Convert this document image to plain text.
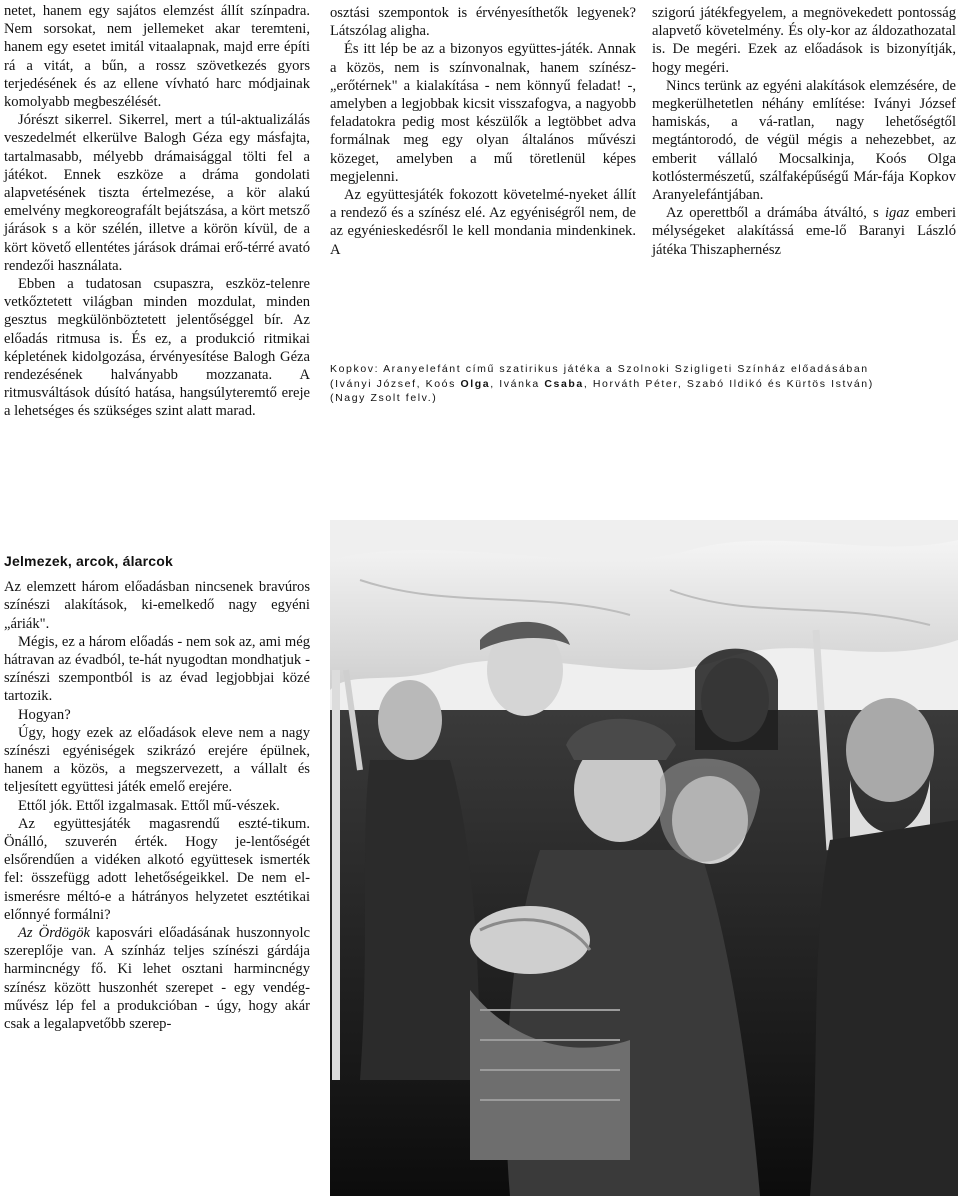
netet, hanem egy sajátos elemzést állít színpadra. Nem sorsokat, nem jellemeket akar teremteni, hanem egy esetet imitál vitaalapnak, majd erre építi rá a vitát, a bűn, a rossz szövetkezés gyors terjedésének és az ellene vívható harc módjainak komolyabb megbeszélését.

Jórészt sikerrel. Sikerrel, mert a túl-aktualizálás veszedelmét elkerülve Balogh Géza egy másfajta, tartalmasabb, mélyebb drámaisággal tölti fel a játékot. Ennek eszköze a dráma gondolati alapvetésének tiszta értelmezése, a kör alakú emelvény megkoreografált bejátszása, a kört metsző járások s a kör szélén, illetve a körön kívül, de a kört követő ellentétes járások drámai erő-térré avató rendezői használata.

Ebben a tudatosan csupaszra, eszköz-telenre vetkőztetett világban minden mozdulat, minden gesztus megkülönböztetett jelentőséggel bír. Az előadás ritmusa is. És ez, a produkció ritmikai képletének kidolgozása, érvényesítése Balogh Géza rendezésének halványabb mozzanata. A ritmusváltások dúsító hatása, hangsúlyteremtő ereje a lehetséges és szükséges szint alatt marad.

Jelmezek, arcok, álarcok

Az elemzett három előadásban nincsenek bravúros színészi alakítások, ki-emelkedő nagy egyéni „áriák".

Mégis, ez a három előadás - nem sok az, ami még hátravan az évadból, te-hát nyugodtan mondhatjuk - színészi szempontból is az évad legjobbjai közé tartozik.

Hogyan?

Úgy, hogy ezek az előadások eleve nem a nagy színészi egyéniségek szikrázó erejére épülnek, hanem a közös, a megszervezett, a vállalt és teljesített együttesi játék emelő erejére.

Ettől jók. Ettől izgalmasak. Ettől mű-vészek.

Az együttesjáték magasrendű eszté-tikum. Önálló, szuverén érték. Hogy je-lentőségét elsőrendűen a vidéken alkotó együttesek ismerték fel: összefügg adott lehetőségeikkel. De nem el-ismerésre méltó-e a hátrányos helyzetet esztétikai előnnyé formálni?

Az Ördögök kaposvári előadásának huszonnyolc szereplője van. A színház teljes színészi gárdája harmincnégy fő. Ki lehet osztani harmincnégy színész között huszonhét szerepet - egy vendég-művész lép fel a produkcióban - úgy, hogy akár csak a legalapvetőbb szerep-

osztási szempontok is érvényesíthetők legyenek? Látszólag aligha.

És itt lép be az a bizonyos együttes-játék. Annak a közös, nem is színvonalnak, hanem színész-„erőtérnek" a kialakítása - nem könnyű feladat! -, amelyben a legjobbak kicsit visszafogva, a nagyobb feladatokra pedig most készülők a legtöbbet adva formálnak meg egy olyan általános művészi közeget, amelyben a mű töretlenül képes megjelenni.

Az együttesjáték fokozott követelmé-nyeket állít a rendező és a színész elé. Az egyéniségről nem, de az egyénieskedésről le kell mondania mindenkinek. A

szigorú játékfegyelem, a megnövekedett pontosság alapvető követelmény. És oly-kor az áldozathozatal is. De megéri. Ezek az előadások is bizonyítják, hogy megéri.

Nincs terünk az egyéni alakítások elemzésére, de megkerülhetetlen néhány említése: Iványi József hamiskás, a vá-ratlan, nagy lehetőségtől megtántorodó, de végül mégis a nehezebbet, az emberit vállaló Mocsalkinja, Koós Olga kotlóstermészetű, szálfaképűségű Már-fája Kopkov Aranyelefántjában.

Az operettből a drámába átváltó, s igaz emberi mélységeket alakítássá eme-lő Baranyi László játéka Thiszaphernész

Kopkov: Aranyelefánt című szatirikus játéka a Szolnoki Szigligeti Színház előadásában
(Iványi József, Koós Olga, Ivánka Csaba, Horváth Péter, Szabó Ildikó és Kürtös István)
(Nagy Zsolt felv.)
